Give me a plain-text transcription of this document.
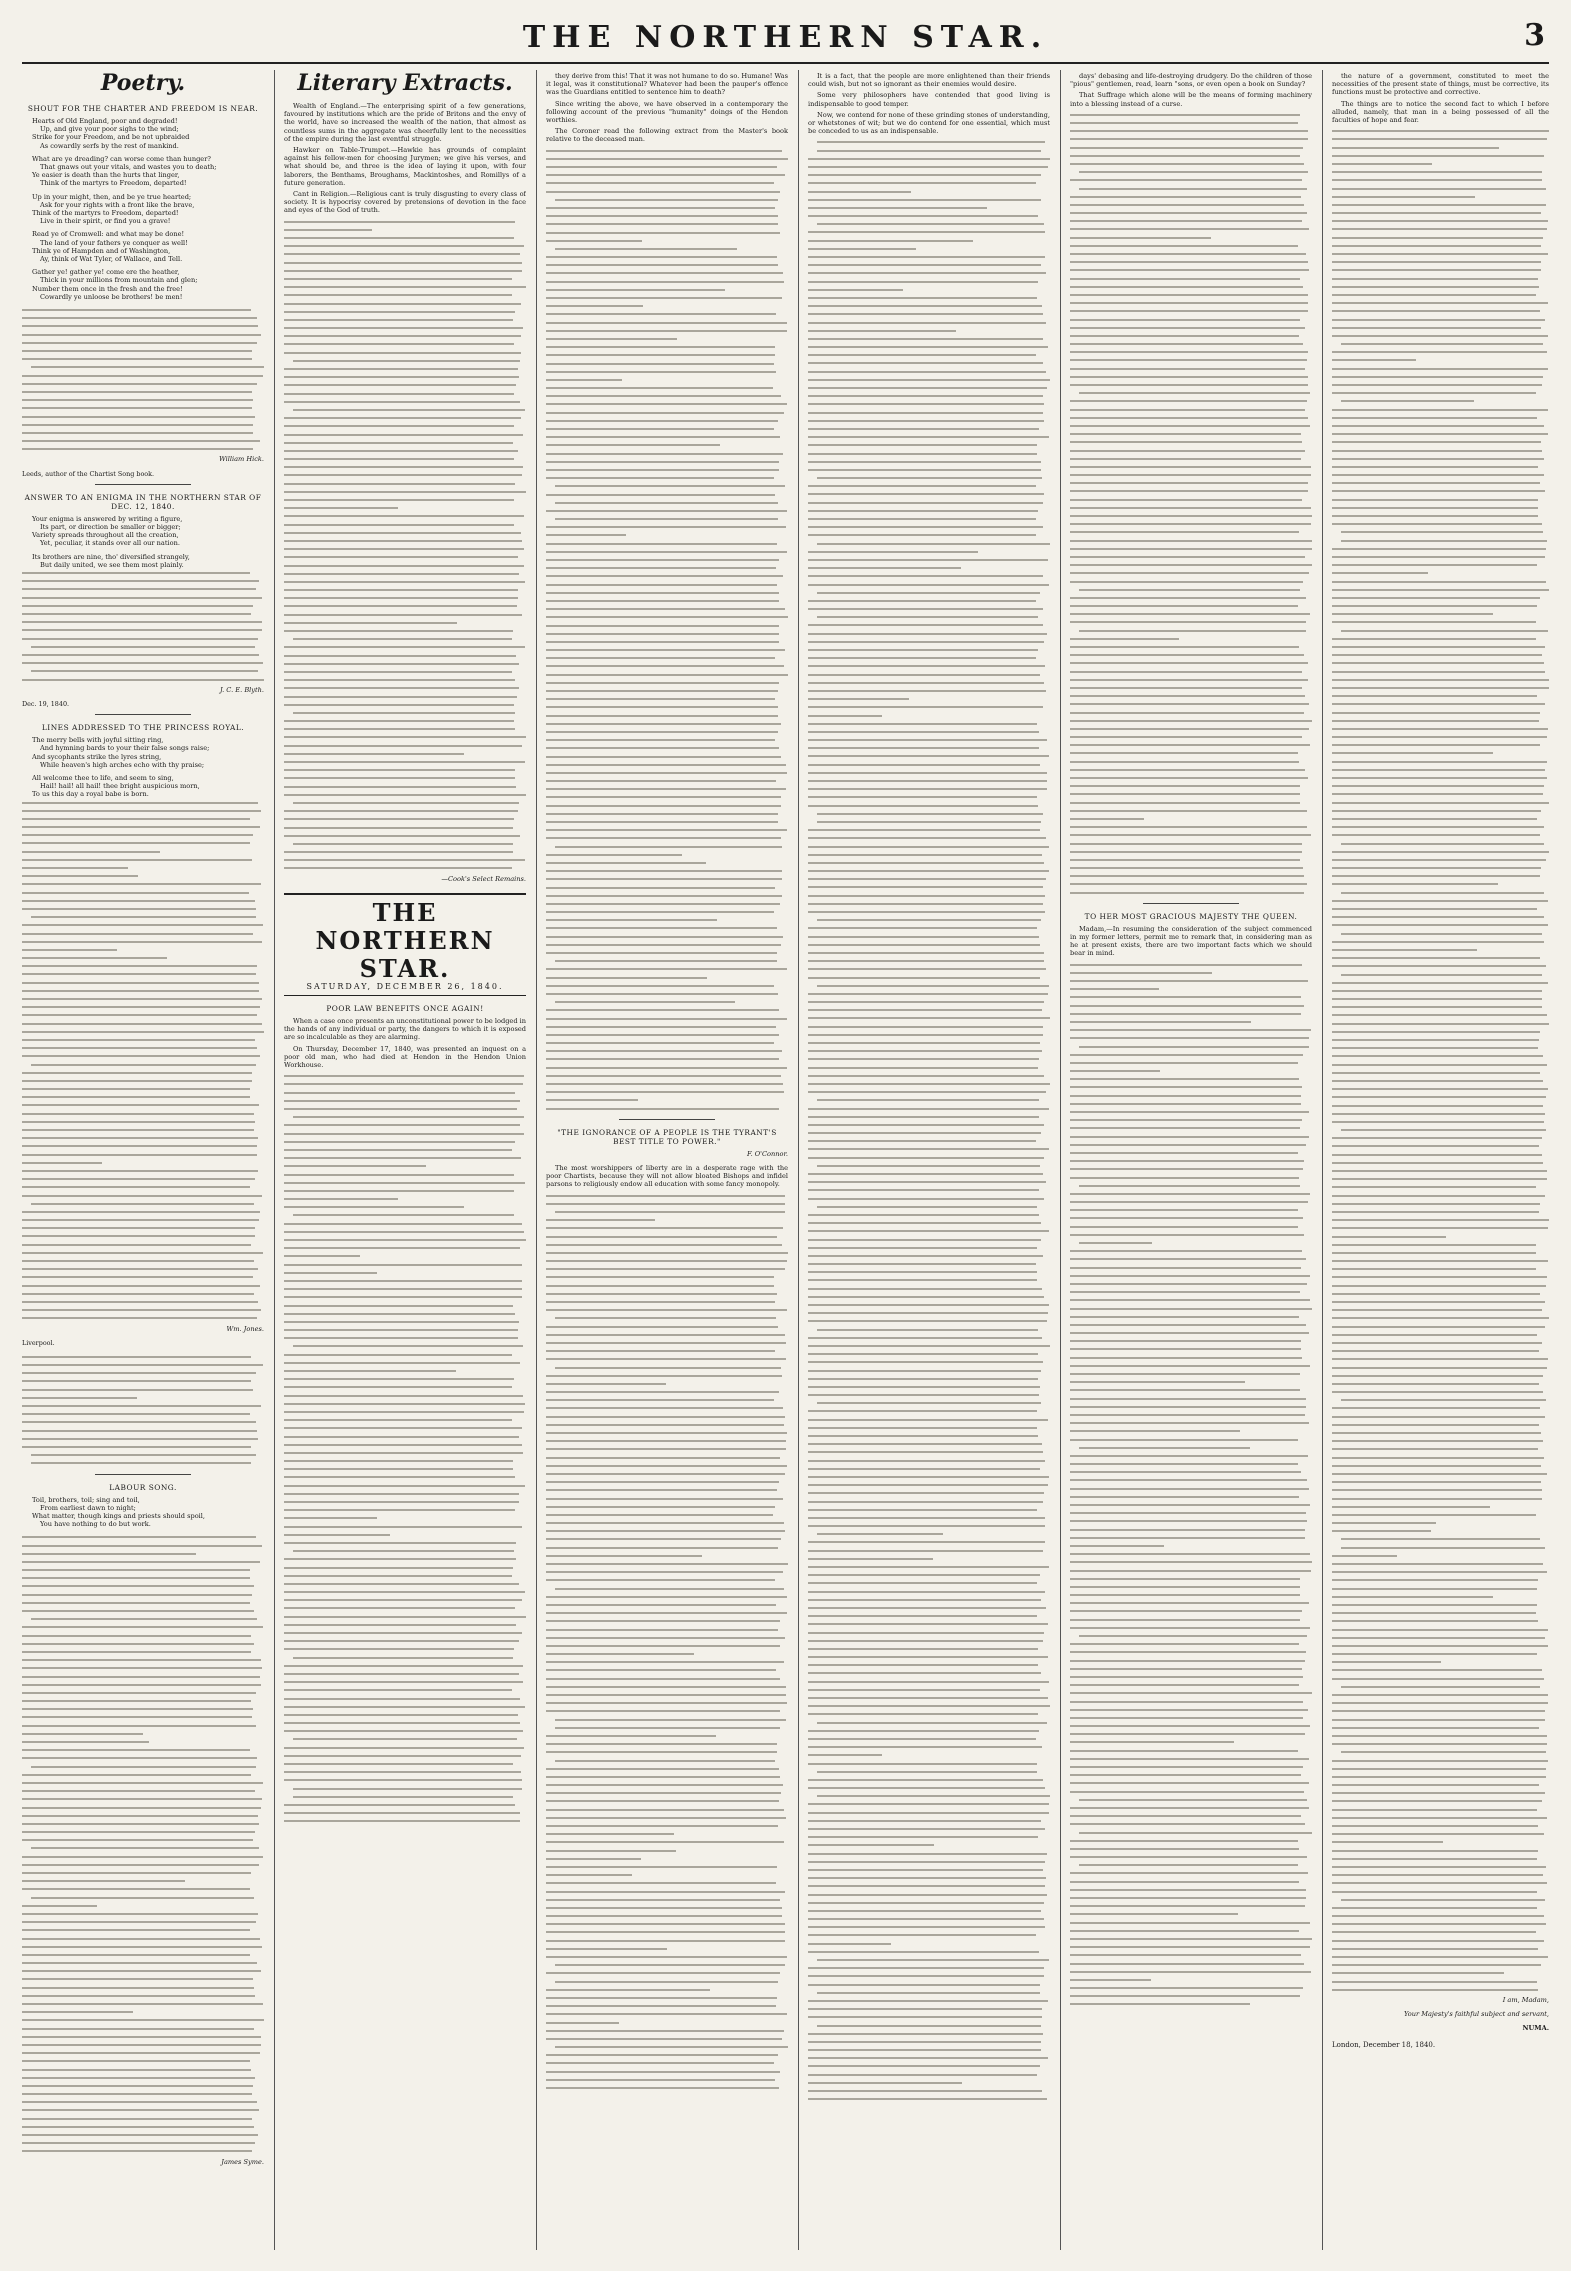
THE NORTHERN STAR.	3
Poetry.
SHOUT FOR THE CHARTER AND FREEDOM IS NEAR.

Hearts of Old England, poor and degraded!

Up, and give your poor sighs to the wind;

Strike for your Freedom, and be not upbraided

As cowardly serfs by the rest of mankind.

What are ye dreading? can worse come than hunger?

That gnaws out your vitals, and wastes you to death;

Ye easier is death than the hurts that linger,

Think of the martyrs to Freedom, departed!

Up in your might, then, and be ye true hearted;

Ask for your rights with a front like the brave,

Think of the martyrs to Freedom, departed!

Live in their spirit, or find you a grave!

Read ye of Cromwell: and what may be done!

The land of your fathers ye conquer as well!

Think ye of Hampden and of Washington,

Ay, think of Wat Tyler, of Wallace, and Tell.

Gather ye! gather ye! come ere the heather,

Thick in your millions from mountain and glen;

Number them once in the fresh and the free!

Cowardly ye unloose be brothers! be men!

William Hick.
Leeds, author of the Chartist Song book.
ANSWER TO AN ENIGMA IN THE NORTHERN STAR OF DEC. 12, 1840.

Your enigma is answered by writing a figure,

Its part, or direction be smaller or bigger;

Variety spreads throughout all the creation,

Yet, peculiar, it stands over all our nation.

Its brothers are nine, tho' diversified strangely,

But daily united, we see them most plainly.

J. C. E. Blyth.
Dec. 19, 1840.
LINES ADDRESSED TO THE PRINCESS ROYAL.

The merry bells with joyful sitting ring,

And hymning bards to your their false songs raise;

And sycophants strike the lyres string,

While heaven's high arches echo with thy praise;

All welcome thee to life, and seem to sing,

Hail! hail! all hail! thee bright auspicious morn,

To us this day a royal babe is born.

Wm. Jones.
Liverpool.
LABOUR SONG.

Toil, brothers, toil; sing and toil,

From earliest dawn to night;

What matter, though kings and priests should spoil,

You have nothing to do but work.

James Syme.
Literary Extracts.

Wealth of England.—The enterprising spirit of a few generations, favoured by institutions which are the pride of Britons and the envy of the world, have so increased the wealth of the nation, that almost as countless sums in the aggregate was cheerfully lent to the necessities of the empire during the last eventful struggle.

Hawker on Table-Trumpet.—Hawkie has grounds of complaint against his fellow-men for choosing Jurymen; we give his verses, and what should be, and three is the idea of laying it upon, with four laborers, the Benthams, Broughams, Mackintoshes, and Romillys of a future generation.

Cant in Religion.—Religious cant is truly disgusting to every class of society. It is hypocrisy covered by pretensions of devotion in the face and eyes of the God of truth.

—Cook's Select Remains.
THE NORTHERN STAR.
SATURDAY, DECEMBER 26, 1840.
POOR LAW BENEFITS ONCE AGAIN!

When a case once presents an unconstitutional power to be lodged in the hands of any individual or party, the dangers to which it is exposed are so incalculable as they are alarming.

On Thursday, December 17, 1840, was presented an inquest on a poor old man, who had died at Hendon in the Hendon Union Workhouse.

they derive from this! That it was not humane to do so. Humane! Was it legal, was it constitutional? Whatever had been the pauper's offence was the Guardians entitled to sentence him to death?

Since writing the above, we have observed in a contemporary the following account of the previous "humanity" doings of the Hendon worthies.

The Coroner read the following extract from the Master's book relative to the deceased man.

"THE IGNORANCE OF A PEOPLE IS THE TYRANT'S BEST TITLE TO POWER."
F. O'Connor.

The most worshippers of liberty are in a desperate rage with the poor Chartists, because they will not allow bloated Bishops and infidel parsons to religiously endow all education with some fancy monopoly.

It is a fact, that the people are more enlightened than their friends could wish, but not so ignorant as their enemies would desire.

Some very philosophers have contended that good living is indispensable to good temper.

Now, we contend for none of these grinding stones of understanding, or whetstones of wit; but we do contend for one essential, which must be conceded to us as an indispensable.

days' debasing and life-destroying drudgery. Do the children of those "pious" gentlemen, read, learn "sons, or even open a book on Sunday?

That Suffrage which alone will be the means of forming machinery into a blessing instead of a curse.

TO HER MOST GRACIOUS MAJESTY THE QUEEN.

Madam,—In resuming the consideration of the subject commenced in my former letters, permit me to remark that, in considering man as he at present exists, there are two important facts which we should bear in mind.

the nature of a government, constituted to meet the necessities of the present state of things, must be corrective, its functions must be protective and corrective.

The things are to notice the second fact to which I before alluded, namely, that man in a being possessed of all the faculties of hope and fear.

I am, Madam,
Your Majesty's faithful subject and servant,
NUMA.
London, December 18, 1840.
